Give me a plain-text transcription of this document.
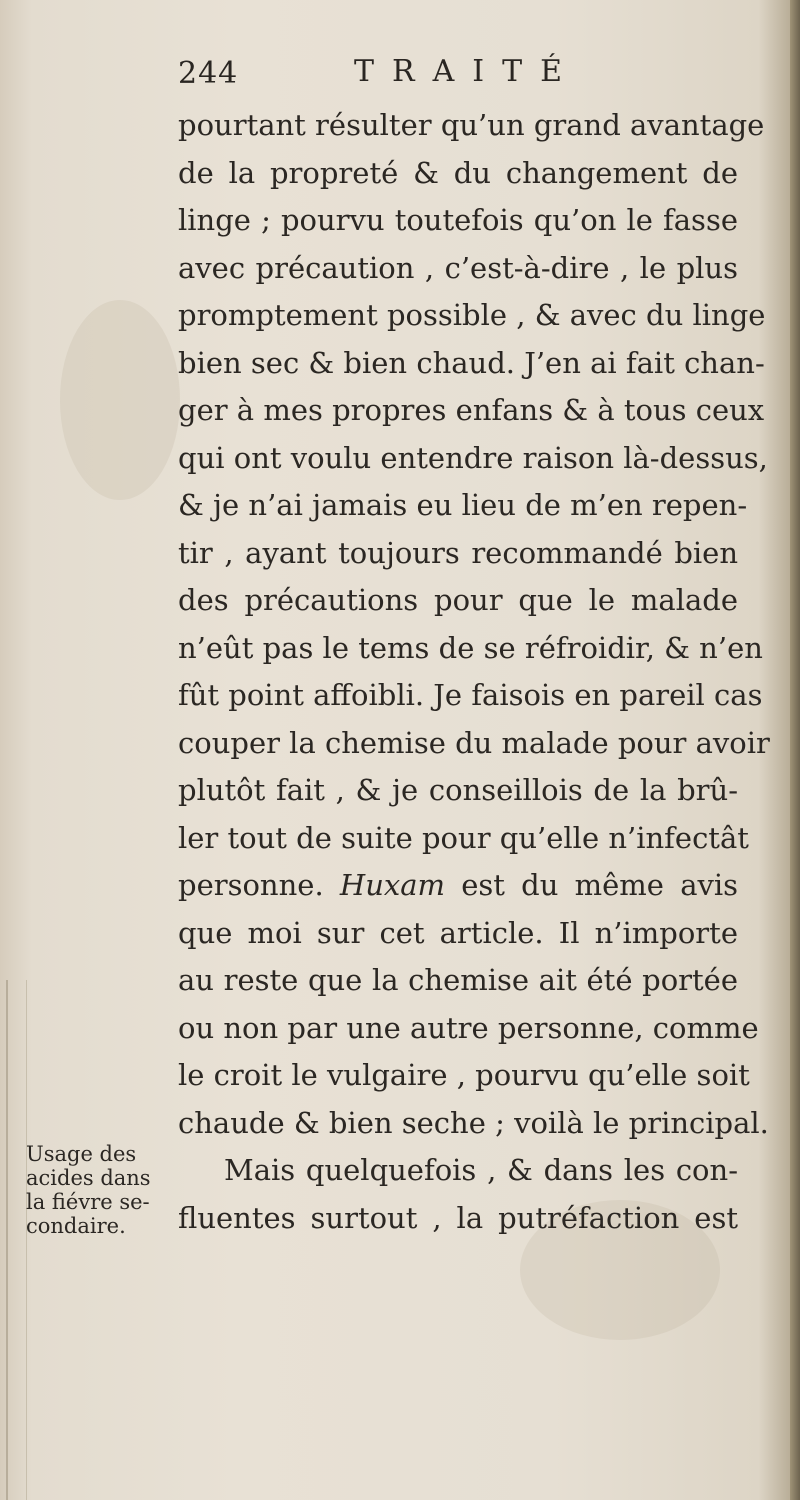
244	TRAITÉ
pourtant résulter qu’un grand avantage
de la propreté & du changement de
linge ; pourvu toutefois qu’on le fasse
avec précaution , c’est-à-dire , le plus
promptement possible , & avec du linge
bien sec & bien chaud. J’en ai fait chan-
ger à mes propres enfans & à tous ceux
qui ont voulu entendre raison là-dessus,
& je n’ai jamais eu lieu de m’en repen-
tir , ayant toujours recommandé bien
des précautions pour que le malade
n’eût pas le tems de se réfroidir, & n’en
fût point affoibli. Je faisois en pareil cas
couper la chemise du malade pour avoir
plutôt fait , & je conseillois de la brû-
ler tout de suite pour qu’elle n’infectât
personne. Huxam est du même avis
que moi sur cet article. Il n’importe
au reste que la chemise ait été portée
ou non par une autre personne, comme
le croit le vulgaire , pourvu qu’elle soit
chaude & bien seche ; voilà le principal.
Mais quelquefois , & dans les con-
fluentes surtout , la putréfaction est
Usage des
acides dans
la fiévre se-
condaire.
